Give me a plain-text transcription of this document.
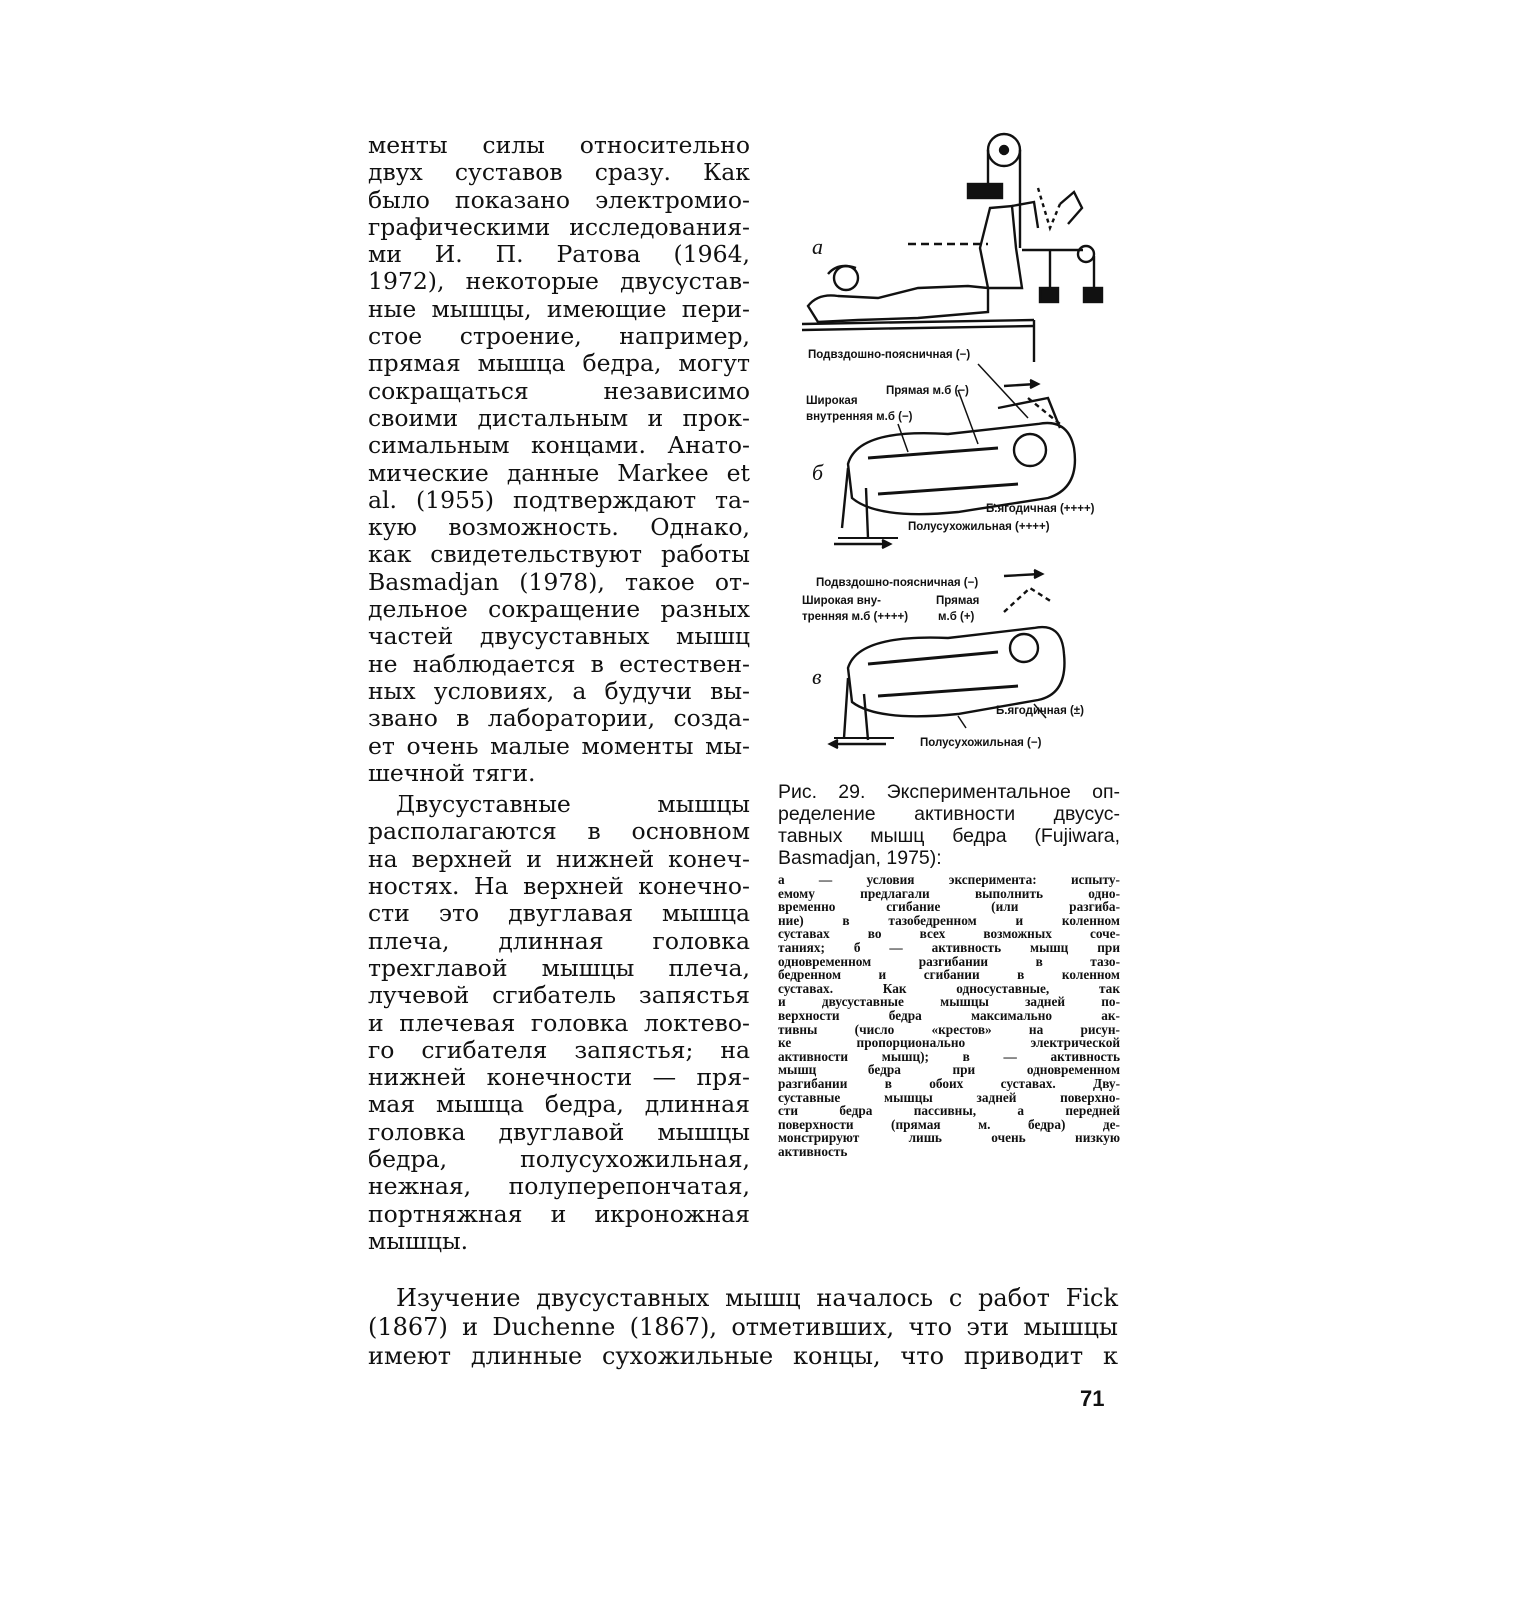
менты силы относительно
двух суставов сразу. Как
было показано электромио-
графическими исследования-
ми И. П. Ратова (1964,
1972), некоторые двусустав-
ные мышцы, имеющие пери-
стое строение, например,
прямая мышца бедра, могут
сокращаться независимо
своими дистальным и прок-
симальным концами. Анато-
мические данные Markee et
al. (1955) подтверждают та-
кую возможность. Однако,
как свидетельствуют работы
Basmadjan (1978), такое от-
дельное сокращение разных
частей двусуставных мышц
не наблюдается в естествен-
ных условиях, а будучи вы-
звано в лаборатории, созда-
ет очень малые моменты мы-
шечной тяги.

Двусуставные мышцы
располагаются в основном
на верхней и нижней конеч-
ностях. На верхней конечно-
сти это двуглавая мышца
плеча, длинная головка
трехглавой мышцы плеча,
лучевой сгибатель запястья
и плечевая головка локтево-
го сгибателя запястья; на
нижней конечности — пря-
мая мышца бедра, длинная
головка двуглавой мышцы
бедра, полусухожильная,
нежная, полуперепончатая,
портняжная и икроножная
мышцы.

а
б
в
Подвздошно-поясничная (−)
Широкая
внутренняя м.б (−)
Прямая м.б (−)
Б.ягодичная (++++)
Полусухожильная (++++)
Подвздошно-поясничная (−)
Широкая вну-
тренняя м.б (++++)
Прямая
м.б (+)
Б.ягодичная (±)
Полусухожильная (−)

Рис. 29. Экспериментальное оп-
ределение активности двусус-
тавных мышц бедра (Fujiwara,
Basmadjan, 1975):

а — условия эксперимента: испыту-
емому предлагали выполнить одно-
временно сгибание (или разгиба-
ние) в тазобедренном и коленном
суставах во всех возможных соче-
таниях; б — активность мышц при
одновременном разгибании в тазо-
бедренном и сгибании в коленном
суставах. Как односуставные, так
и двусуставные мышцы задней по-
верхности бедра максимально ак-
тивны (число «крестов» на рисун-
ке пропорционально электрической
активности мышц); в — активность
мышц бедра при одновременном
разгибании в обоих суставах. Дву-
суставные мышцы задней поверхно-
сти бедра пассивны, а передней
поверхности (прямая м. бедра) де-
монстрируют лишь очень низкую
активность

Изучение двусуставных мышц началось с работ Fick
(1867) и Duchenne (1867), отметивших, что эти мышцы
имеют длинные сухожильные концы, что приводит к
71
